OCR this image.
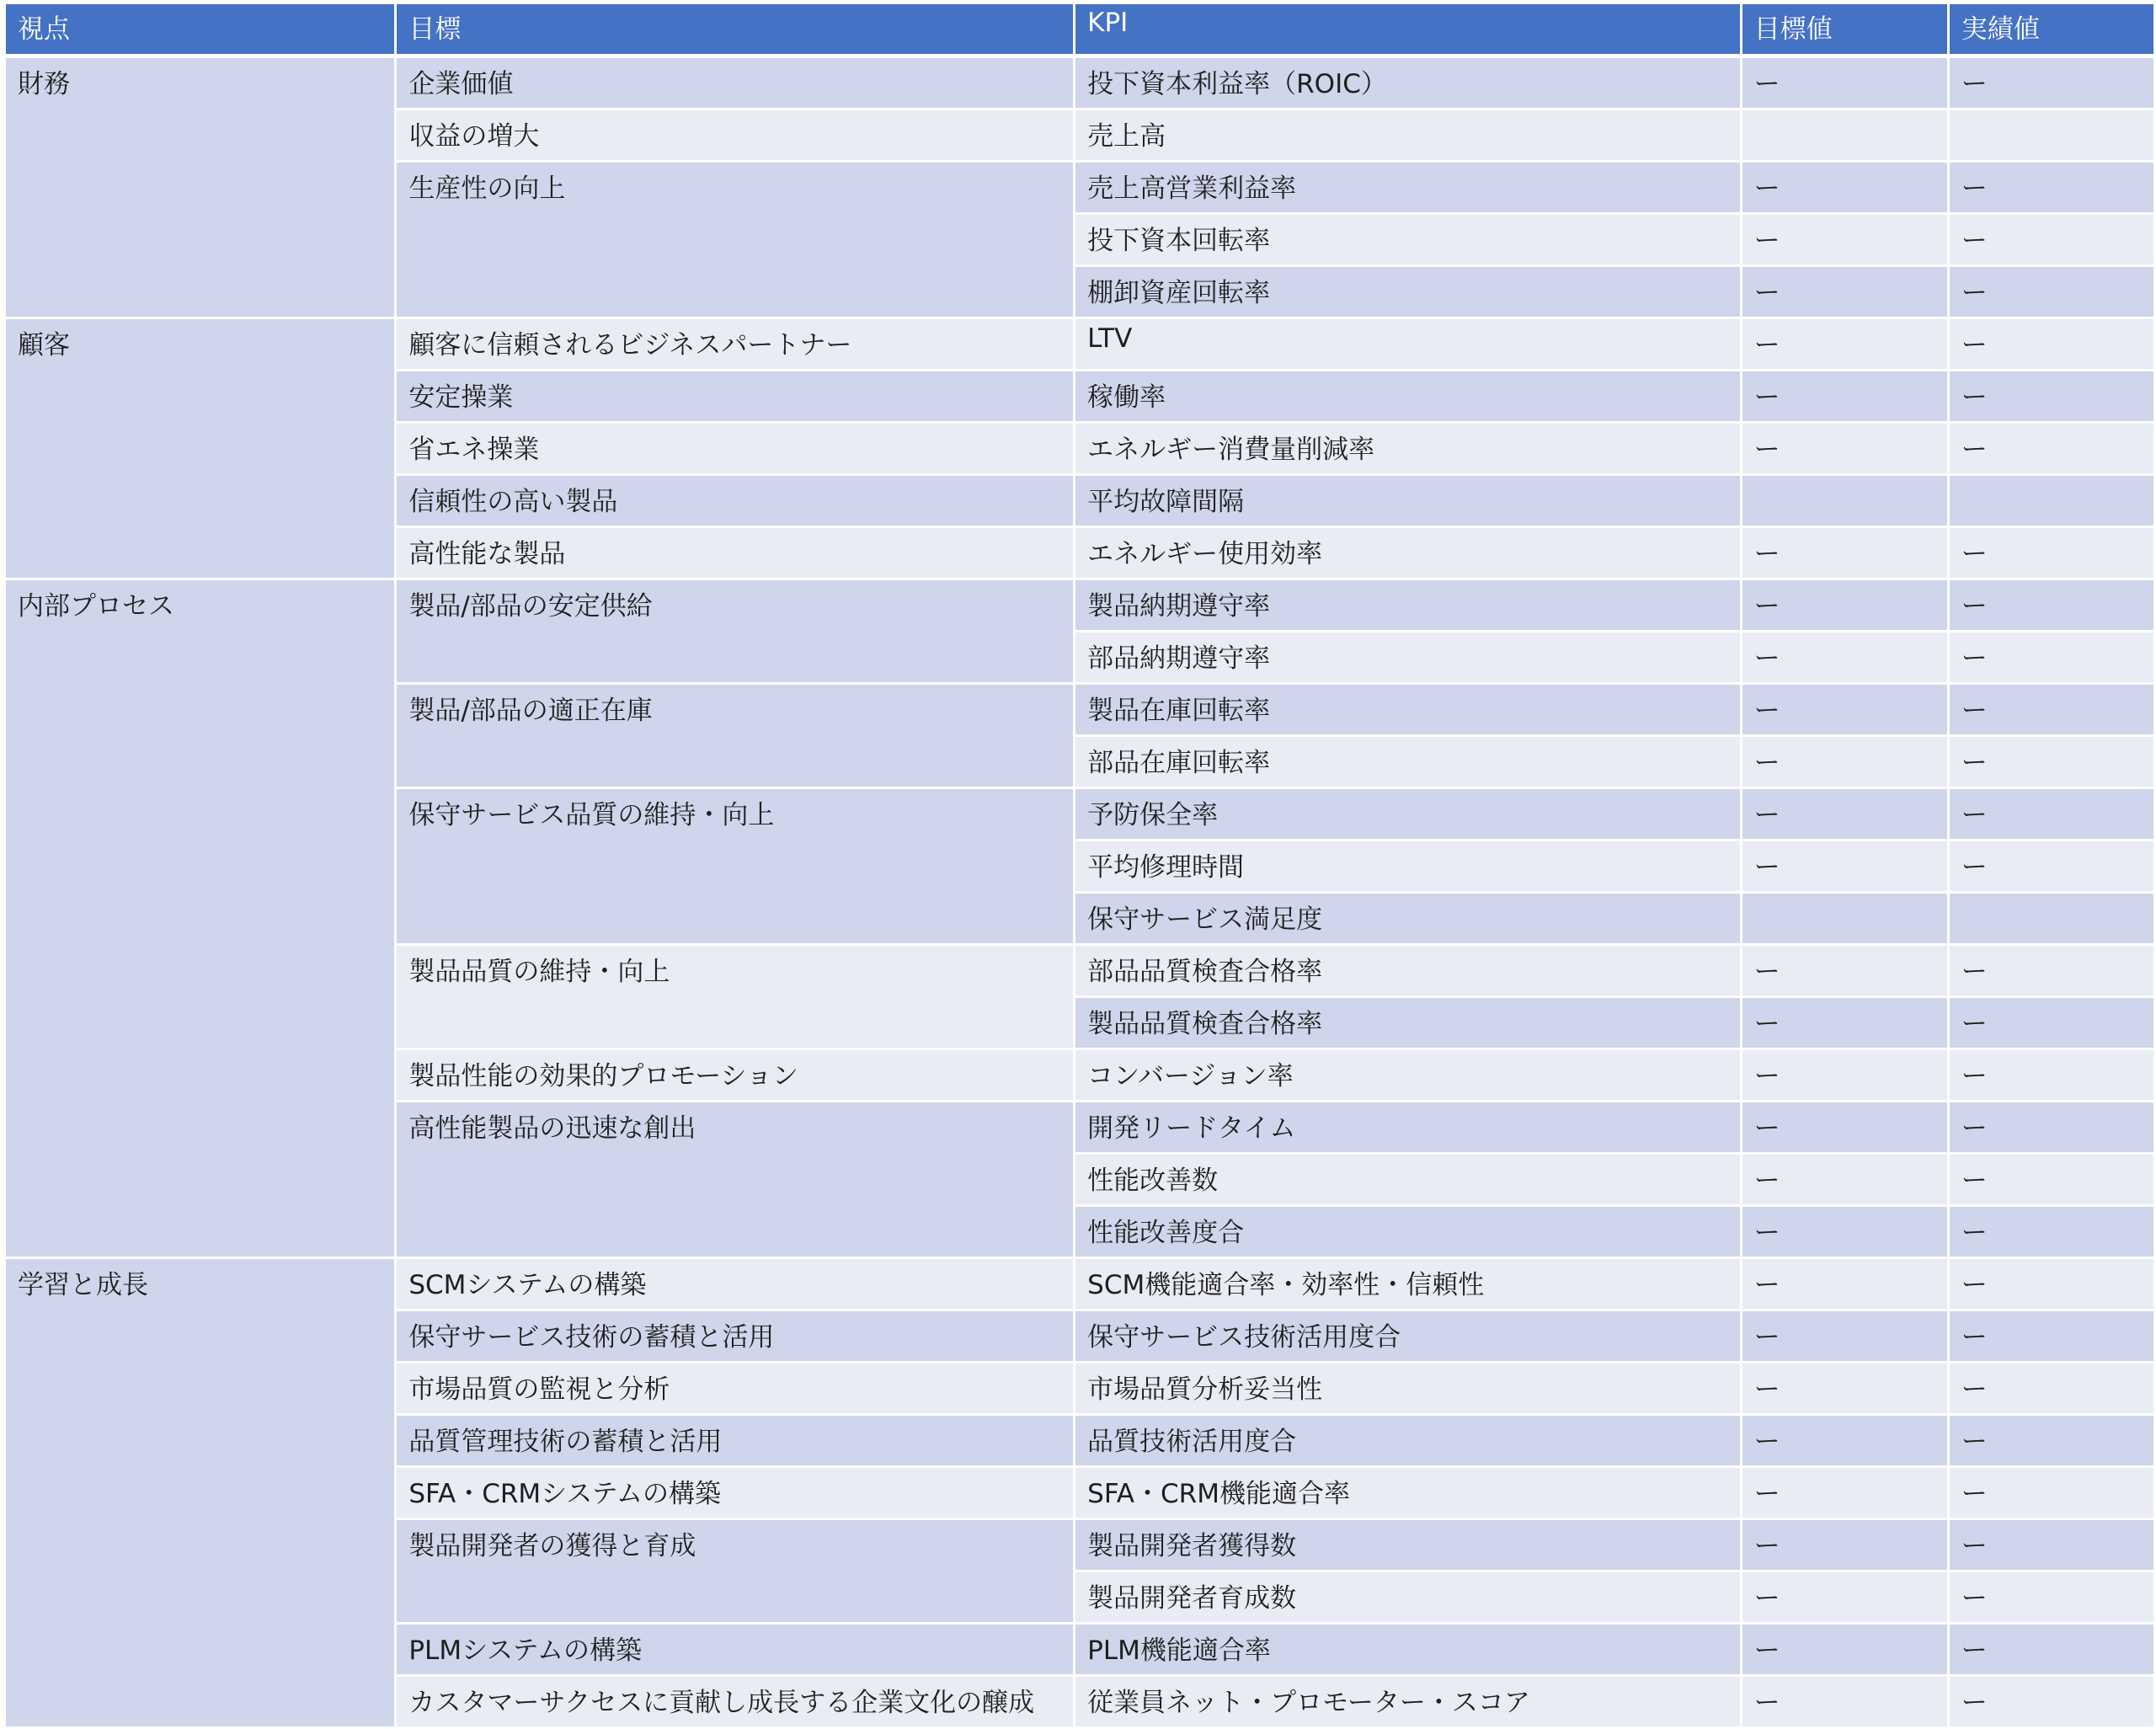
視点	目標	KPI	目標値	実績値
財務	企業価値	投下資本利益率（ROIC）	ー	ー
	収益の増大	売上高		
	生産性の向上	売上高営業利益率	ー	ー
		投下資本回転率	ー	ー
		棚卸資産回転率	ー	ー
顧客	顧客に信頼されるビジネスパートナー	LTV	ー	ー
	安定操業	稼働率	ー	ー
	省エネ操業	エネルギー消費量削減率	ー	ー
	信頼性の高い製品	平均故障間隔		
	高性能な製品	エネルギー使用効率	ー	ー
内部プロセス	製品/部品の安定供給	製品納期遵守率	ー	ー
		部品納期遵守率	ー	ー
	製品/部品の適正在庫	製品在庫回転率	ー	ー
		部品在庫回転率	ー	ー
	保守サービス品質の維持・向上	予防保全率	ー	ー
		平均修理時間	ー	ー
		保守サービス満足度		
	製品品質の維持・向上	部品品質検査合格率	ー	ー
		製品品質検査合格率	ー	ー
	製品性能の効果的プロモーション	コンバージョン率	ー	ー
	高性能製品の迅速な創出	開発リードタイム	ー	ー
		性能改善数	ー	ー
		性能改善度合	ー	ー
学習と成長	SCMシステムの構築	SCM機能適合率・効率性・信頼性	ー	ー
	保守サービス技術の蓄積と活用	保守サービス技術活用度合	ー	ー
	市場品質の監視と分析	市場品質分析妥当性	ー	ー
	品質管理技術の蓄積と活用	品質技術活用度合	ー	ー
	SFA・CRMシステムの構築	SFA・CRM機能適合率	ー	ー
	製品開発者の獲得と育成	製品開発者獲得数	ー	ー
		製品開発者育成数	ー	ー
	PLMシステムの構築	PLM機能適合率	ー	ー
	カスタマーサクセスに貢献し成長する企業文化の醸成	従業員ネット・プロモーター・スコア	ー	ー
